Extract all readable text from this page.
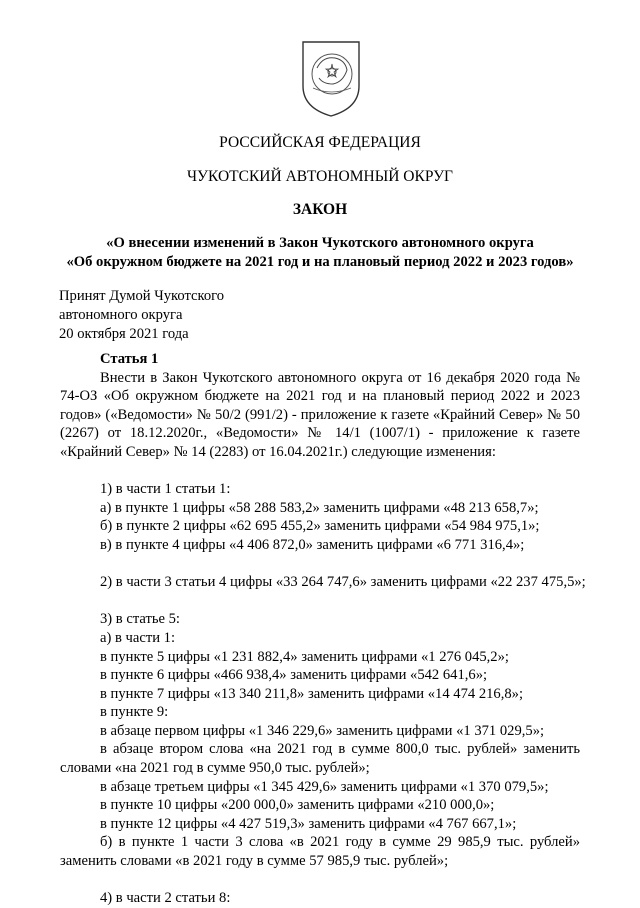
РОССИЙСКАЯ ФЕДЕРАЦИЯ
ЧУКОТСКИЙ АВТОНОМНЫЙ ОКРУГ
ЗАКОН
«О внесении изменений в Закон Чукотского автономного округа
«Об окружном бюджете на 2021 год и на плановый период 2022 и 2023 годов»
Принят Думой Чукотского
автономного округа
20 октября 2021 года
Статья 1
Внести в Закон Чукотского автономного округа от 16 декабря 2020 года № 74-ОЗ «Об окружном бюджете на 2021 год и на плановый период 2022 и 2023 годов» («Ведомости» № 50/2 (991/2) - приложение к газете «Крайний Север» № 50 (2267) от 18.12.2020г., «Ведомости» № 14/1 (1007/1) - приложение к газете «Крайний Север» № 14 (2283) от 16.04.2021г.) следующие изменения:
1) в части 1 статьи 1:
а) в пункте 1 цифры «58 288 583,2» заменить цифрами «48 213 658,7»;
б) в пункте 2 цифры «62 695 455,2» заменить цифрами «54 984 975,1»;
в) в пункте 4 цифры «4 406 872,0» заменить цифрами «6 771 316,4»;
2) в части 3 статьи 4 цифры «33 264 747,6» заменить цифрами «22 237 475,5»;
3) в статье 5:
а) в части 1:
в пункте 5 цифры «1 231 882,4» заменить цифрами «1 276 045,2»;
в пункте 6 цифры «466 938,4» заменить цифрами «542 641,6»;
в пункте 7 цифры «13 340 211,8» заменить цифрами «14 474 216,8»;
в пункте 9:
в абзаце первом цифры «1 346 229,6» заменить цифрами «1 371 029,5»;
в абзаце втором слова «на 2021 год в сумме 800,0 тыс. рублей» заменить словами «на 2021 год в сумме 950,0 тыс. рублей»;
в абзаце третьем цифры «1 345 429,6» заменить цифрами «1 370 079,5»;
в пункте 10 цифры «200 000,0» заменить цифрами «210 000,0»;
в пункте 12 цифры «4 427 519,3» заменить цифрами «4 767 667,1»;
б) в пункте 1 части 3 слова «в 2021 году в сумме 29 985,9 тыс. рублей» заменить словами «в 2021 году в сумме 57 985,9 тыс. рублей»;
4) в части 2 статьи 8:
